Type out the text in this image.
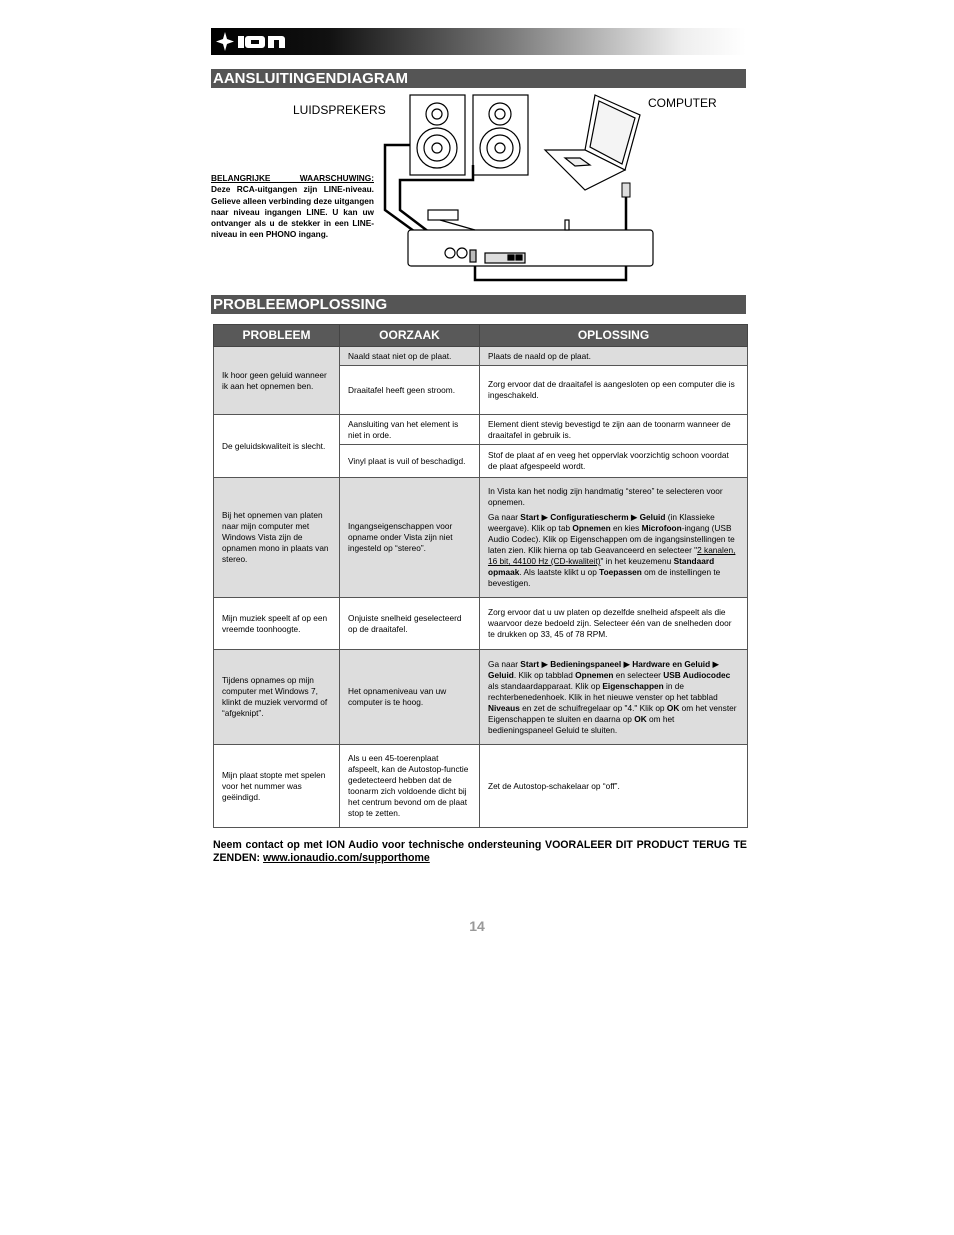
AANSLUITINGENDIAGRAM
LUIDSPREKERS	COMPUTER
BELANGRIJKE WAARSCHUWING:
Deze RCA-uitgangen zijn LINE-niveau. Gelieve alleen verbinding deze uitgangen naar niveau ingangen LINE. U kan uw ontvanger als u de stekker in een LINE-niveau in een PHONO ingang.
PROBLEEMOPLOSSING
PROBLEEM	OORZAAK	OPLOSSING
Ik hoor geen geluid wanneer ik aan het opnemen ben.	Naald staat niet op de plaat.	Plaats de naald op de plaat.
	Draaitafel heeft geen stroom.	Zorg ervoor dat de draaitafel is aangesloten op een computer die is ingeschakeld.
De geluidskwaliteit is slecht.	Aansluiting van het element is niet in orde.	Element dient stevig bevestigd te zijn aan de toonarm wanneer de draaitafel in gebruik is.
	Vinyl plaat is vuil of beschadigd.	Stof de plaat af en veeg het oppervlak voorzichtig schoon voordat de plaat afgespeeld wordt.
Bij het opnemen van platen naar mijn computer met Windows Vista zijn de opnamen mono in plaats van stereo.	Ingangseigenschappen voor opname onder Vista zijn niet ingesteld op “stereo”.	In Vista kan het nodig zijn handmatig “stereo” te selecteren voor opnemen.
Ga naar Start ▶ Configuratiescherm ▶ Geluid (in Klassieke weergave). Klik op tab Opnemen en kies Microfoon-ingang (USB Audio Codec). Klik op Eigenschappen om de ingangsinstellingen te laten zien. Klik hierna op tab Geavanceerd en selecteer "2 kanalen, 16 bit, 44100 Hz (CD-kwaliteit)" in het keuzemenu Standaard opmaak. Als laatste klikt u op Toepassen om de instellingen te bevestigen.

Mijn muziek speelt af op een vreemde toonhoogte.	Onjuiste snelheid geselecteerd op de draaitafel.	Zorg ervoor dat u uw platen op dezelfde snelheid afspeelt als die waarvoor deze bedoeld zijn. Selecteer één van de snelheden door te drukken op 33, 45 of 78 RPM.
Tijdens opnames op mijn computer met Windows 7, klinkt de muziek vervormd of “afgeknipt”.	Het opnameniveau van uw computer is te hoog.	Ga naar Start ▶ Bedieningspaneel ▶ Hardware en Geluid ▶ Geluid. Klik op tabblad Opnemen en selecteer USB Audiocodec als standaardapparaat. Klik op Eigenschappen in de rechterbenedenhoek. Klik in het nieuwe venster op het tabblad Niveaus en zet de schuifregelaar op "4." Klik op OK om het venster Eigenschappen te sluiten en daarna op OK om het bedieningspaneel Geluid te sluiten.
Mijn plaat stopte met spelen voor het nummer was geëindigd.	Als u een 45-toerenplaat afspeelt, kan de Autostop-functie gedetecteerd hebben dat de toonarm zich voldoende dicht bij het centrum bevond om de plaat stop te zetten.	Zet de Autostop-schakelaar op “off”.
Neem contact op met ION Audio voor technische ondersteuning VOORALEER DIT PRODUCT TERUG TE ZENDEN: www.ionaudio.com/supporthome
14
